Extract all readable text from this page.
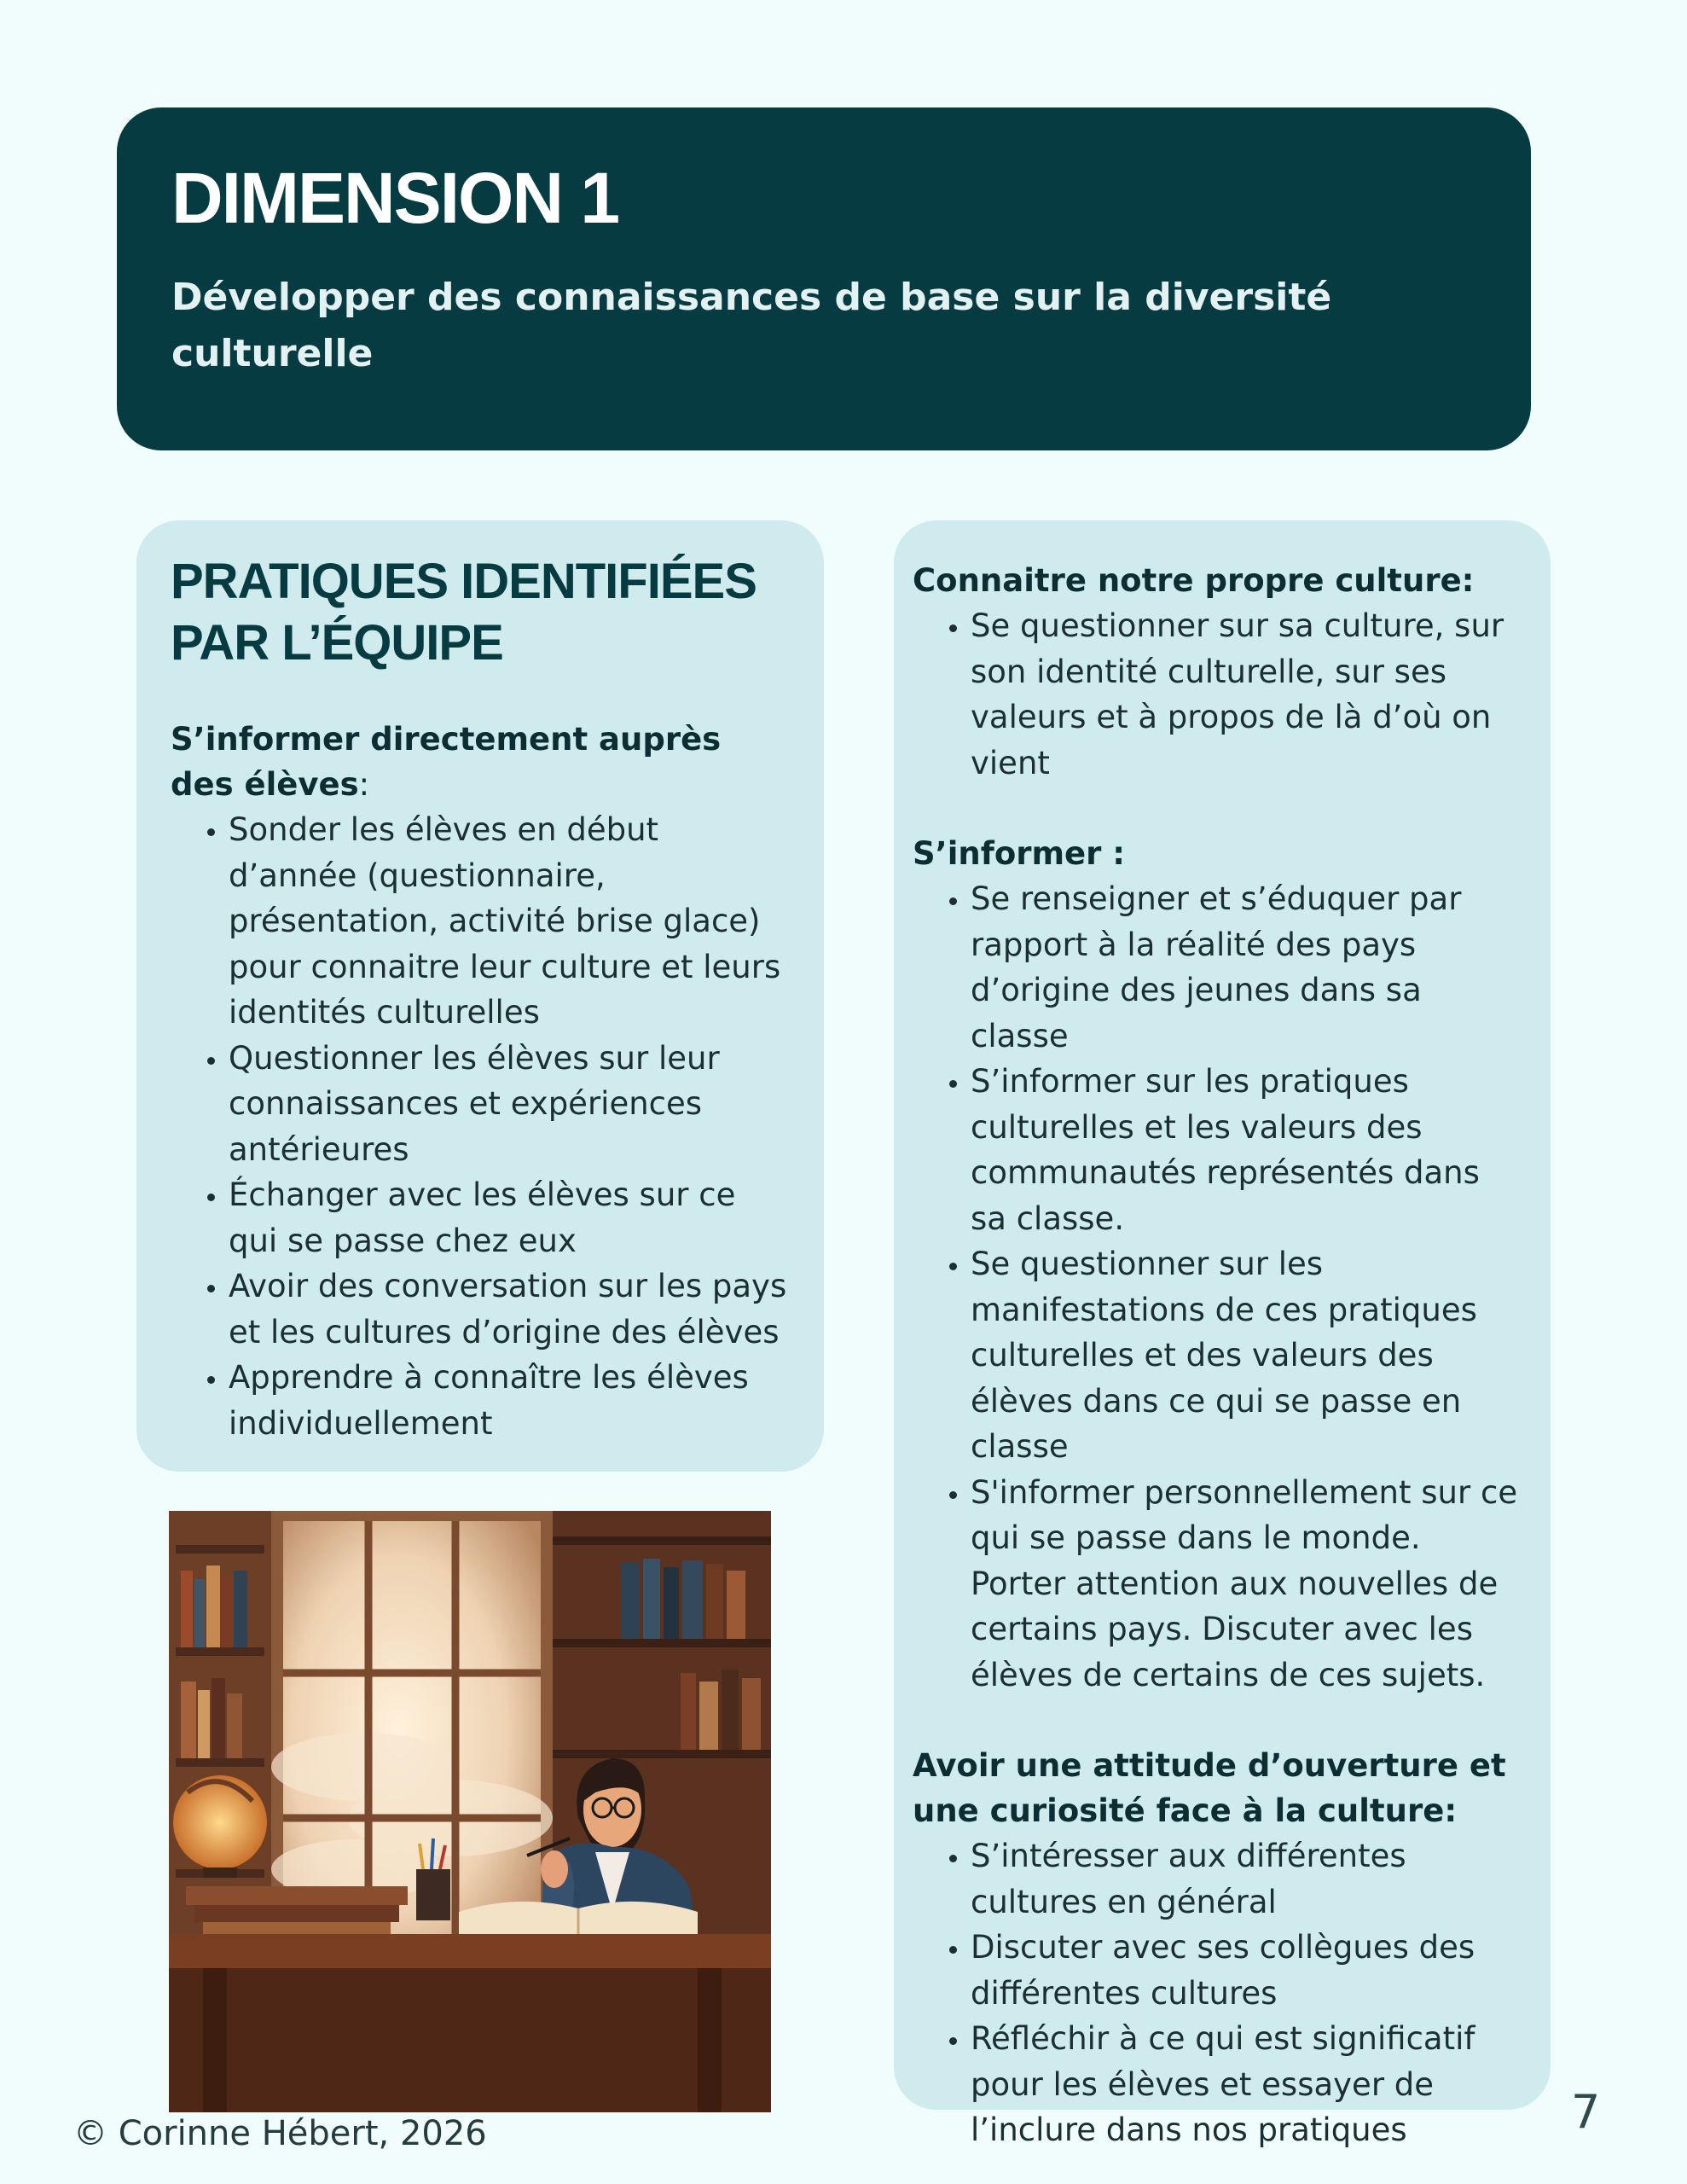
DIMENSION 1
Développer des connaissances de base sur la diversité culturelle
PRATIQUES IDENTIFIÉES PAR L’ÉQUIPE

S’informer directement auprès des élèves:

• Sonder les élèves en début d’année (questionnaire, présentation, activité brise glace) pour connaitre leur culture et leurs identités culturelles
• Questionner les élèves sur leur connaissances et expériences antérieures
• Échanger avec les élèves sur ce qui se passe chez eux
• Avoir des conversation sur les pays et les cultures d’origine des élèves
• Apprendre à connaître les élèves individuellement

Connaitre notre propre culture:

• Se questionner sur sa culture, sur son identité culturelle, sur ses valeurs et à propos de là d’où on vient

S’informer :

• Se renseigner et s’éduquer par rapport à la réalité des pays d’origine des jeunes dans sa classe
• S’informer sur les pratiques culturelles et les valeurs des communautés représentés dans sa classe.
• Se questionner sur les manifestations de ces pratiques culturelles et des valeurs des élèves dans ce qui se passe en classe
• S'informer personnellement sur ce qui se passe dans le monde. Porter attention aux nouvelles de certains pays. Discuter avec les élèves de certains de ces sujets.

Avoir une attitude d’ouverture et une curiosité face à la culture:

• S’intéresser aux différentes cultures en général
• Discuter avec ses collègues des différentes cultures
• Réfléchir à ce qui est significatif pour les élèves et essayer de l’inclure dans nos pratiques
© Corinne Hébert, 2026	7
